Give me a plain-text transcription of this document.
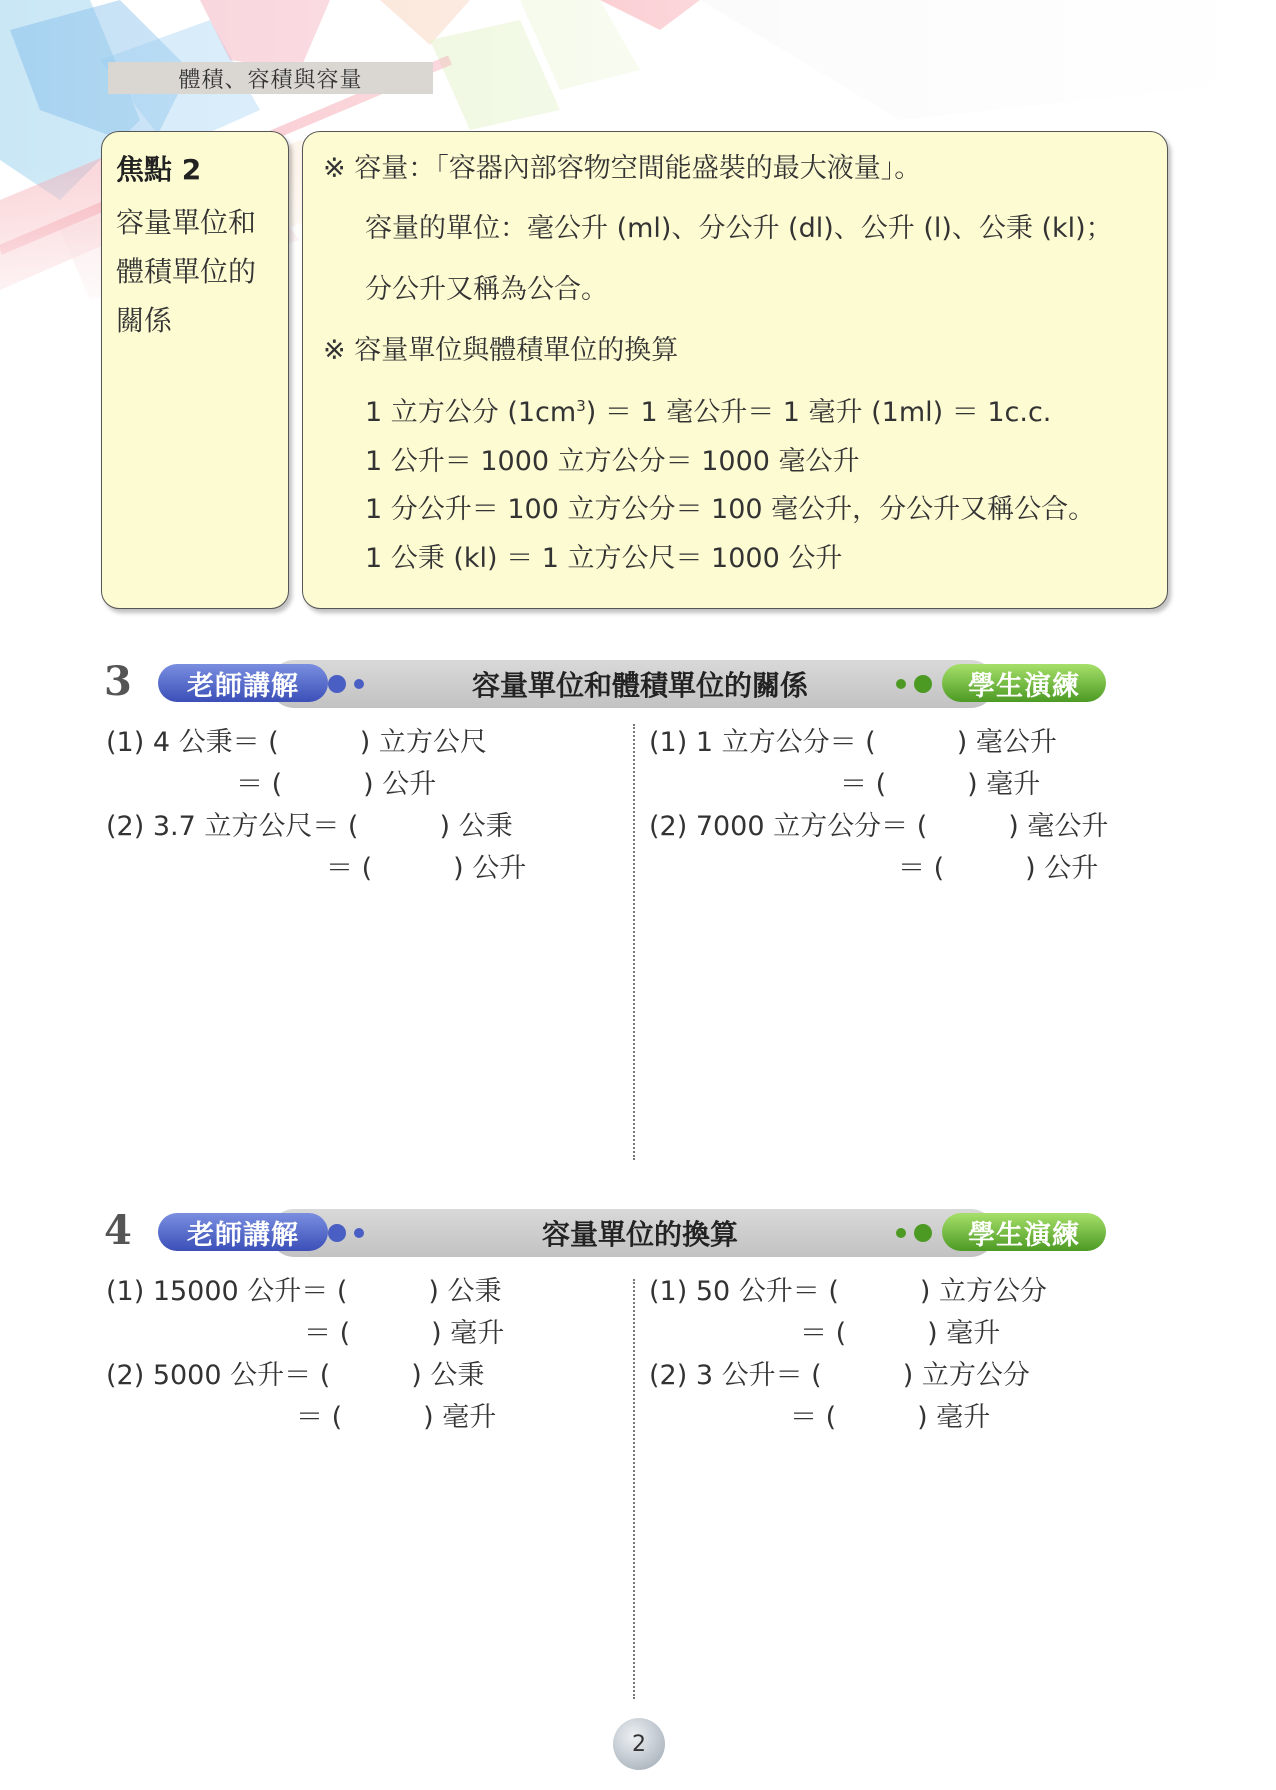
體積、容積與容量
焦點 2

容量單位和

體積單位的

關係

※ 容量：「容器內部容物空間能盛裝的最大液量」。
容量的單位：毫公升 (ml)、分公升 (dl)、公升 (l)、公秉 (kl)；
分公升又稱為公合。
※ 容量單位與體積單位的換算
1 立方公分 $(1cm^3) = 1$ 毫公升＝ 1 毫升 (1ml) ＝ 1c.c.
1 公升＝ 1000 立方公分＝ 1000 毫公升
1 分公升＝ 100 立方公分＝ 100 毫公升，分公升又稱公合。
1 公秉 (kl) ＝ 1 立方公尺＝ 1000 公升
3	老師講解	容量單位和體積單位的關係	學生演練
(1) 4 公秉＝ (　　　) 立方公尺
＝ (　　　) 公升
(2) 3.7 立方公尺＝ (　　　) 公秉
＝ (　　　) 公升
(1) 1 立方公分＝ (　　　) 毫公升
＝ (　　　) 毫升
(2) 7000 立方公分＝ (　　　) 毫公升
＝ (　　　) 公升
4	老師講解	容量單位的換算	學生演練
(1) 15000 公升＝ (　　　) 公秉
＝ (　　　) 毫升
(2) 5000 公升＝ (　　　) 公秉
＝ (　　　) 毫升
(1) 50 公升＝ (　　　) 立方公分
＝ (　　　) 毫升
(2) 3 公升＝ (　　　) 立方公分
＝ (　　　) 毫升
2
